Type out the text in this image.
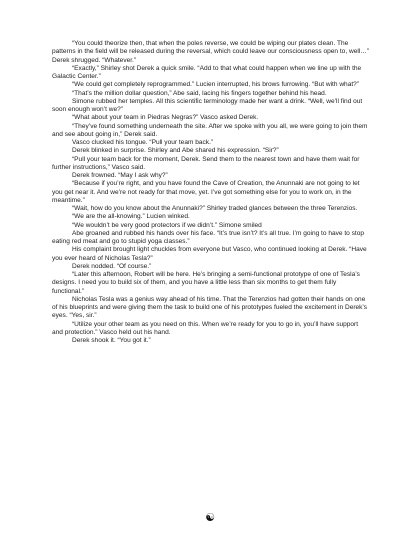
“You could theorize then, that when the poles reverse, we could be wiping our plates clean. The patterns in the field will be released during the reversal, which could leave our consciousness open to, well…” Derek shrugged. “Whatever.”

“Exactly,” Shirley shot Derek a quick smile. “Add to that what could happen when we line up with the Galactic Center.”

“We could get completely reprogrammed.” Lucien interrupted, his brows furrowing. “But with what?”

“That’s the million dollar question,” Abe said, lacing his fingers together behind his head.

Simone rubbed her temples. All this scientific terminology made her want a drink. “Well, we’ll find out soon enough won’t we?”

“What about your team in Piedras Negras?” Vasco asked Derek.

“They’ve found something underneath the site. After we spoke with you all, we were going to join them and see about going in,” Derek said.

Vasco clucked his tongue. “Pull your team back.”

Derek blinked in surprise. Shirley and Abe shared his expression. “Sir?”

“Pull your team back for the moment, Derek. Send them to the nearest town and have them wait for further instructions,” Vasco said.

Derek frowned. “May I ask why?”

“Because if you’re right, and you have found the Cave of Creation, the Anunnaki are not going to let you get near it. And we’re not ready for that move, yet. I’ve got something else for you to work on, in the meantime.”

“Wait, how do you know about the Anunnaki?” Shirley traded glances between the three Terenzios.

“We are the all-knowing.” Lucien winked.

“We wouldn’t be very good protectors if we didn’t.” Simone smiled

Abe groaned and rubbed his hands over his face. “It’s true isn’t? It’s all true. I’m going to have to stop eating red meat and go to stupid yoga classes.”

His complaint brought light chuckles from everyone but Vasco, who continued looking at Derek. “Have you ever heard of Nicholas Tesla?”

Derek nodded. “Of course.”

“Later this afternoon, Robert will be here. He’s bringing a semi-functional prototype of one of Tesla’s designs. I need you to build six of them, and you have a little less than six months to get them fully functional.”

Nicholas Tesla was a genius way ahead of his time. That the Terenzios had gotten their hands on one of his blueprints and were giving them the task to build one of his prototypes fueled the excitement in Derek’s eyes. “Yes, sir.”

“Utilize your other team as you need on this. When we’re ready for you to go in, you’ll have support and protection.” Vasco held out his hand.

Derek shook it. “You got it.”

☯
